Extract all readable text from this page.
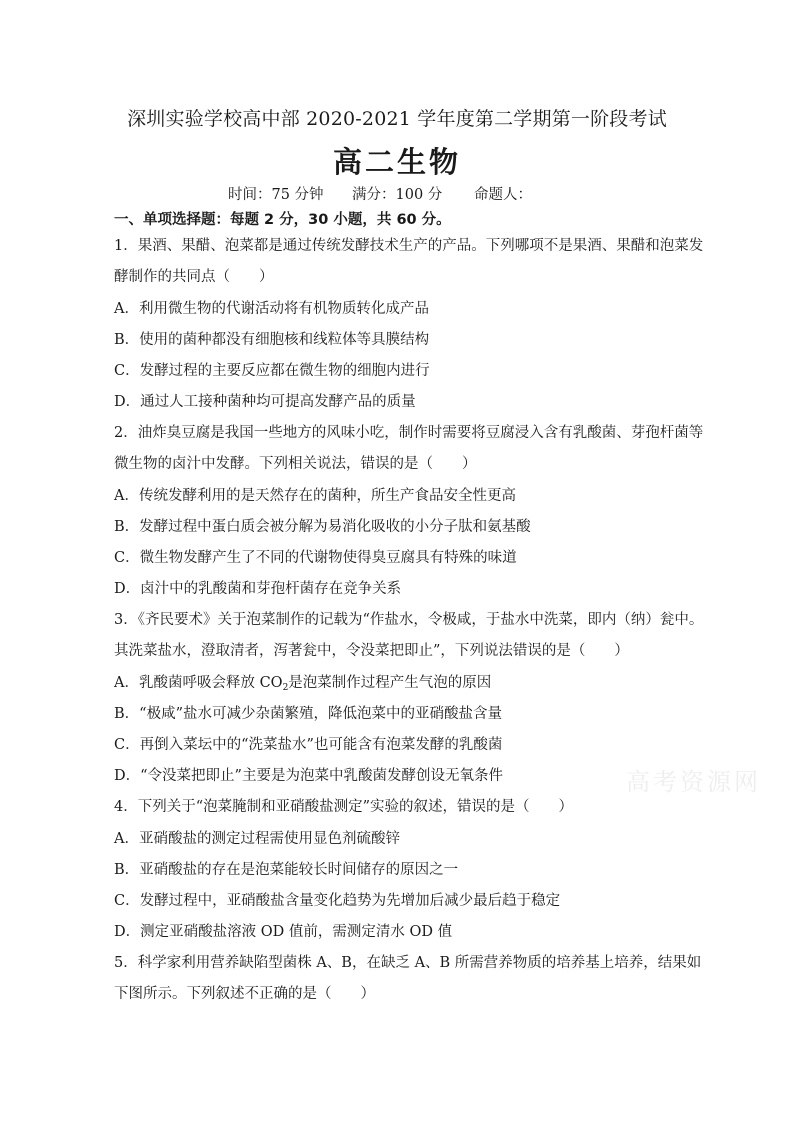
深圳实验学校高中部 2020-2021 学年度第二学期第一阶段考试
高二生物
时间：75 分钟 满分：100 分 命题人：
一、单项选择题：每题 2 分，30 小题，共 60 分。
1．果酒、果醋、泡菜都是通过传统发酵技术生产的产品。下列哪项不是果酒、果醋和泡菜发
酵制作的共同点（　　）
A．利用微生物的代谢活动将有机物质转化成产品
B．使用的菌种都没有细胞核和线粒体等具膜结构
C．发酵过程的主要反应都在微生物的细胞内进行
D．通过人工接种菌种均可提高发酵产品的质量
2．油炸臭豆腐是我国一些地方的风味小吃，制作时需要将豆腐浸入含有乳酸菌、芽孢杆菌等
微生物的卤汁中发酵。下列相关说法，错误的是（　　）
A．传统发酵利用的是天然存在的菌种，所生产食品安全性更高
B．发酵过程中蛋白质会被分解为易消化吸收的小分子肽和氨基酸
C．微生物发酵产生了不同的代谢物使得臭豆腐具有特殊的味道
D．卤汁中的乳酸菌和芽孢杆菌存在竞争关系
3．《齐民要术》关于泡菜制作的记载为“作盐水，令极咸，于盐水中洗菜，即内（纳）瓮中。
其洗菜盐水，澄取清者，泻著瓮中，令没菜把即止”，下列说法错误的是（　　）
A．乳酸菌呼吸会释放 $CO_2$是泡菜制作过程产生气泡的原因
B．“极咸”盐水可减少杂菌繁殖，降低泡菜中的亚硝酸盐含量
C．再倒入菜坛中的“洗菜盐水”也可能含有泡菜发酵的乳酸菌
D．“令没菜把即止”主要是为泡菜中乳酸菌发酵创设无氧条件
4．下列关于“泡菜腌制和亚硝酸盐测定”实验的叙述，错误的是（　　）
A．亚硝酸盐的测定过程需使用显色剂硫酸锌
B．亚硝酸盐的存在是泡菜能较长时间储存的原因之一
C．发酵过程中，亚硝酸盐含量变化趋势为先增加后减少最后趋于稳定
D．测定亚硝酸盐溶液 OD 值前，需测定清水 OD 值
5．科学家利用营养缺陷型菌株 A、B，在缺乏 A、B 所需营养物质的培养基上培养，结果如
下图所示。下列叙述不正确的是（　　）
高考资源网
